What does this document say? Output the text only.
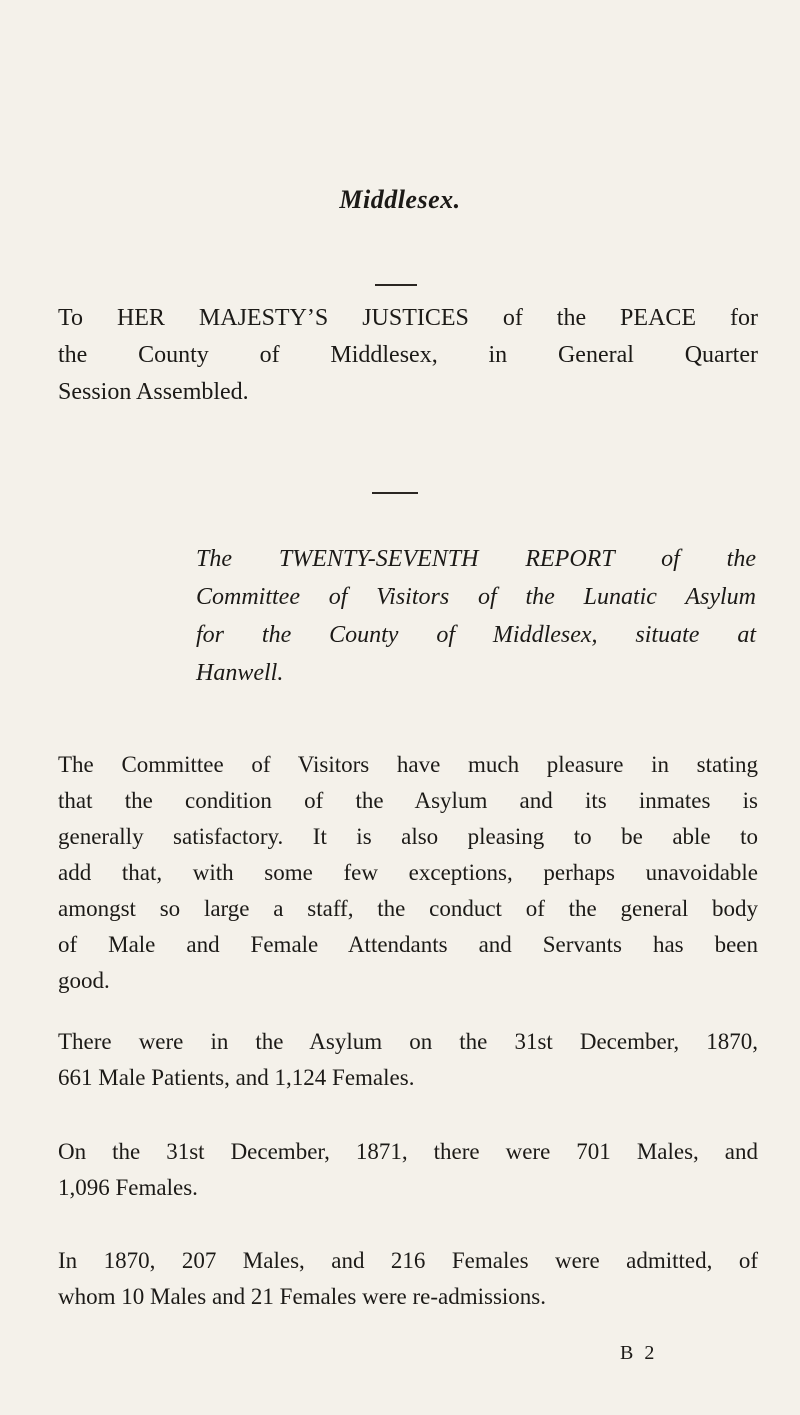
Middlesex.
To HER MAJESTY’S JUSTICES of the PEACE for
the County of Middlesex, in General Quarter
Session Assembled.
The TWENTY-SEVENTH REPORT of the
Committee of Visitors of the Lunatic Asylum
for the County of Middlesex, situate at
Hanwell.
The Committee of Visitors have much pleasure in stating
that the condition of the Asylum and its inmates is
generally satisfactory. It is also pleasing to be able to
add that, with some few exceptions, perhaps unavoidable
amongst so large a staff, the conduct of the general body
of Male and Female Attendants and Servants has been
good.
There were in the Asylum on the 31st December, 1870,
661 Male Patients, and 1,124 Females.
On the 31st December, 1871, there were 701 Males, and
1,096 Females.
In 1870, 207 Males, and 216 Females were admitted, of
whom 10 Males and 21 Females were re-admissions.
B 2
